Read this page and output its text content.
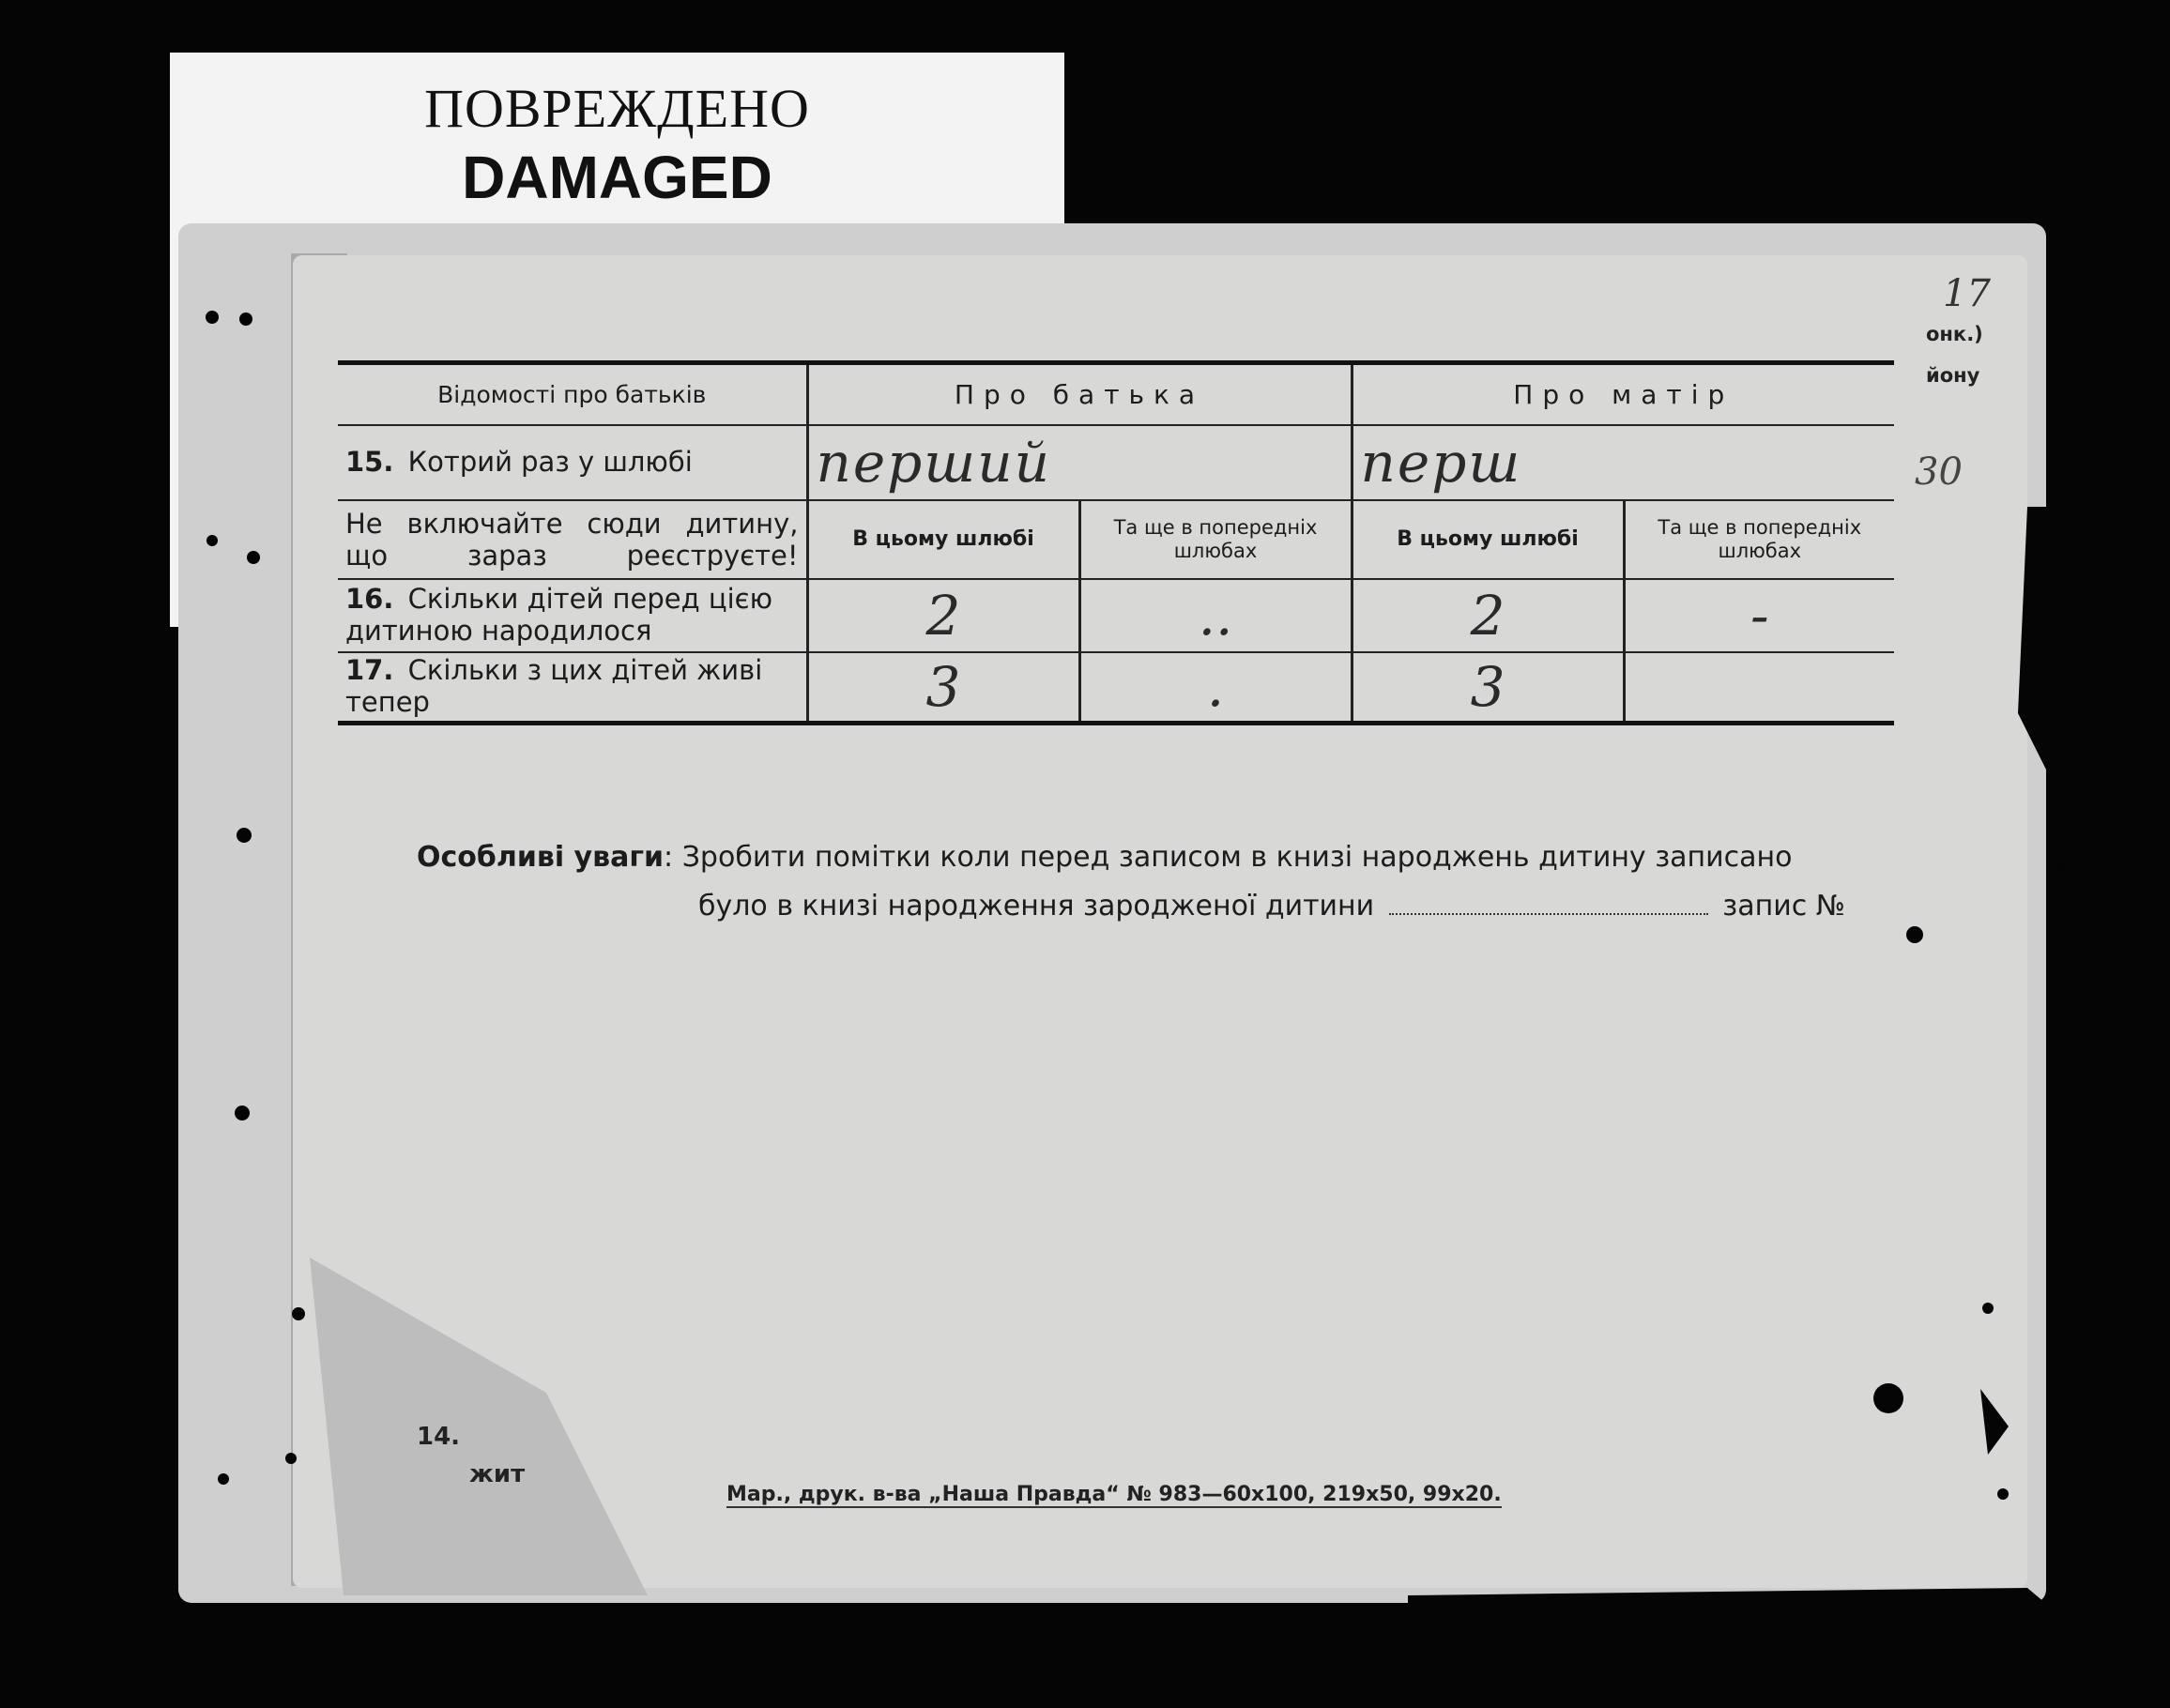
ПОВРЕЖДЕНО
DAMAGED
Відомості про батьків	Про батька		Про матір	
15. Котрий раз у шлюбі	перший		перш	
Не включайте сюди дитину, що зараз реєструєте!	В цьому шлюбі	Та ще в попередніх шлюбах	В цьому шлюбі	Та ще в попередніх шлюбах
16. Скільки дітей перед цією дитиною народилося	2	..	2	-
17. Скільки з цих дітей живі тепер	3	.	3	
Особливі уваги: Зробити помітки коли перед записом в книзі народжень дитину записано
було в книзі народження зародженої дитини	запис №
Мар., друк. в-ва „Наша Правда“ № 983—60х100, 219х50, 99х20.
14.
жит
17
онк.)
йону
30
